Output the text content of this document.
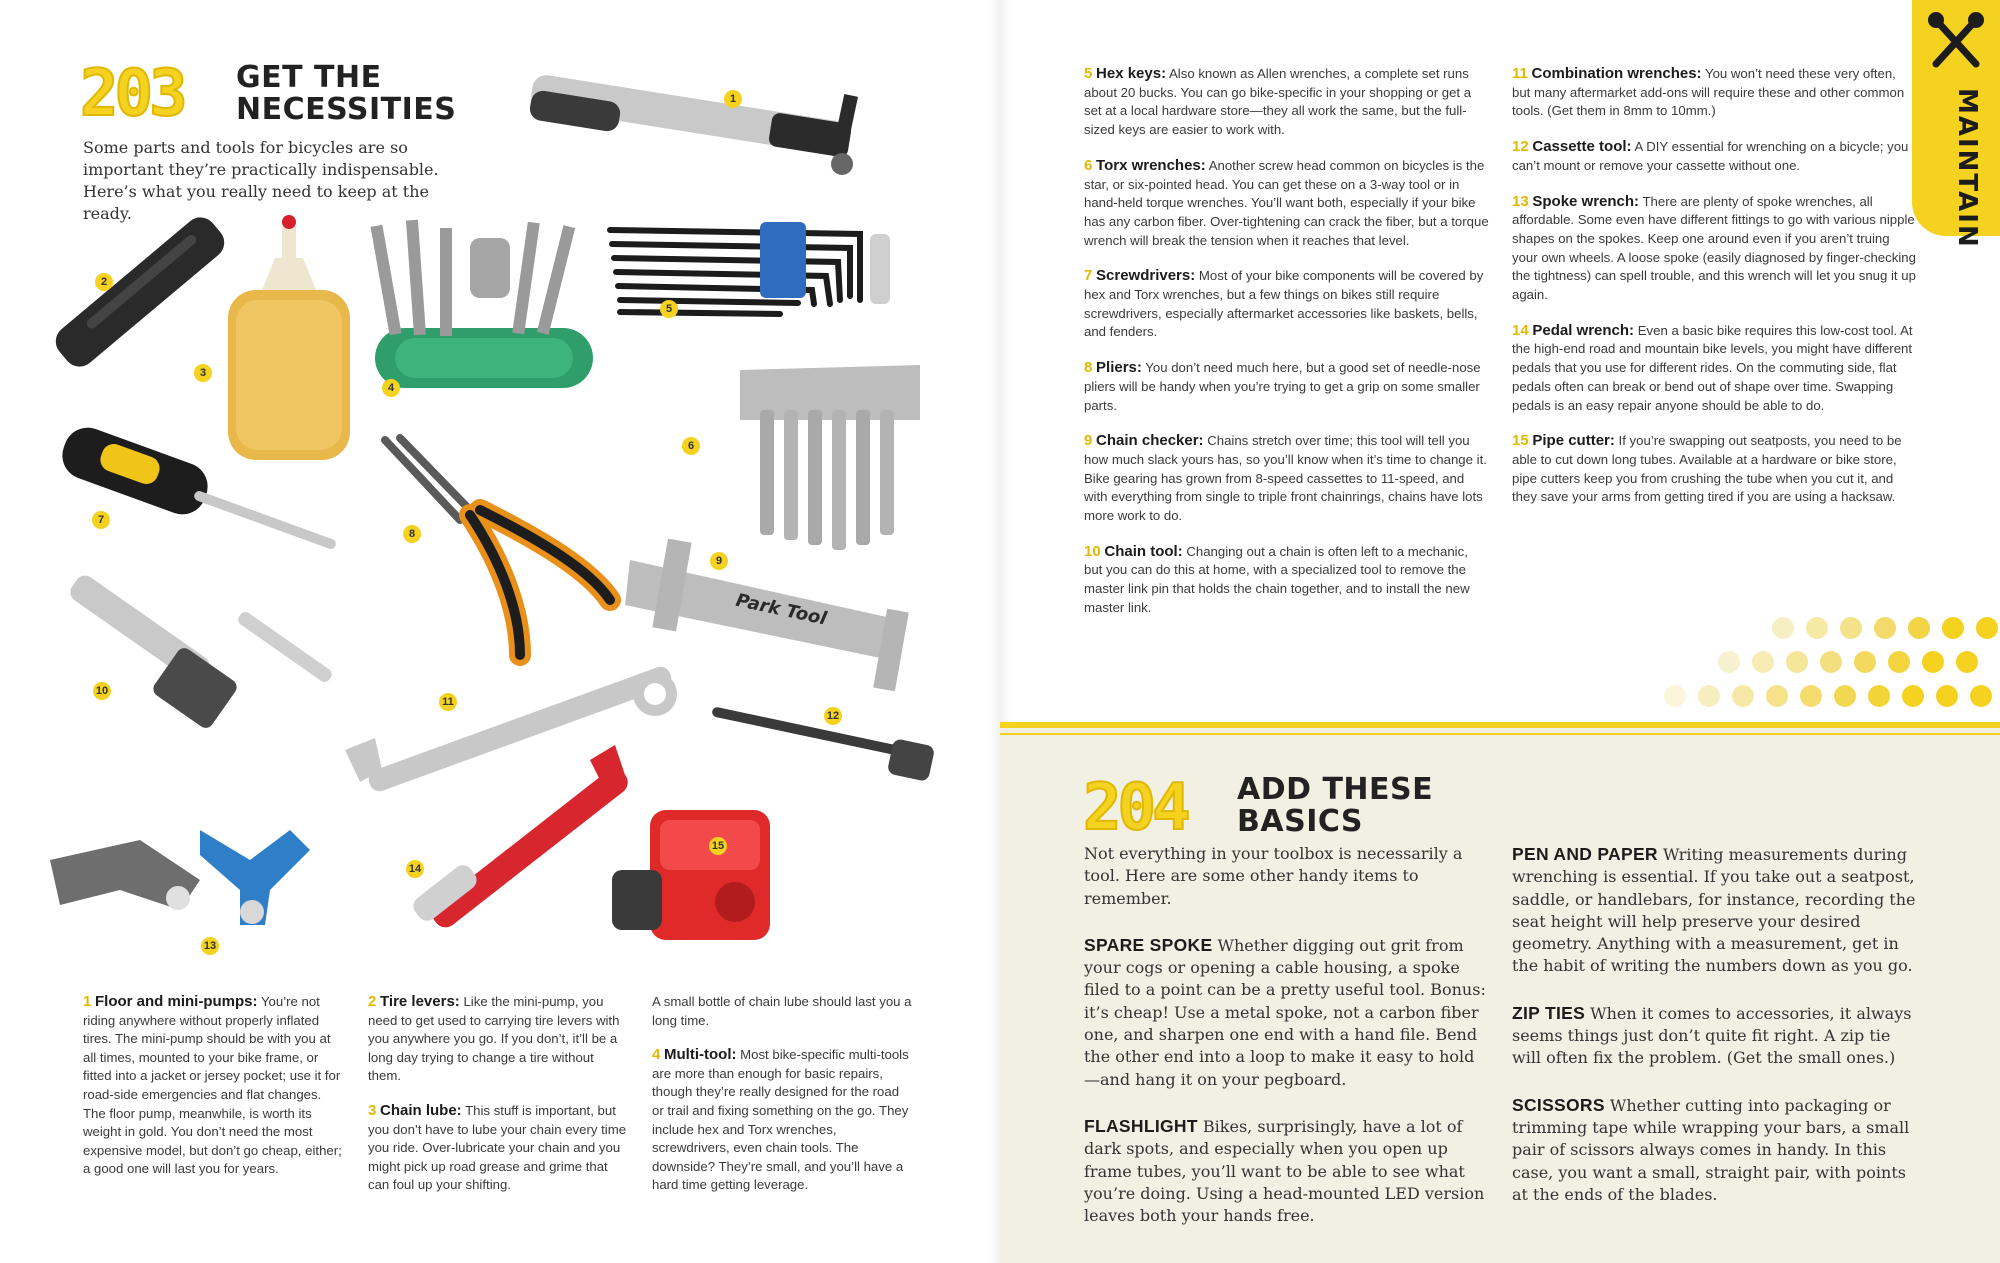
203 GET THE
NECESSITIES
Some parts and tools for bicycles are so important they’re practically indispensable. Here’s what you really need to keep at the ready.
Park Tool
1
2
3
4
5
6
7
8
9
10
11
12
13
14
15

1 Floor and mini-pumps: You’re not riding anywhere without properly inflated tires. The mini-pump should be with you at all times, mounted to your bike frame, or fitted into a jacket or jersey pocket; use it for road-side emergencies and flat changes. The floor pump, meanwhile, is worth its weight in gold. You don’t need the most expensive model, but don’t go cheap, either; a good one will last you for years.

2 Tire levers: Like the mini-pump, you need to get used to carrying tire levers with you anywhere you go. If you don’t, it’ll be a long day trying to change a tire without them.

3 Chain lube: This stuff is important, but you don’t have to lube your chain every time you ride. Over-lubricate your chain and you might pick up road grease and grime that can foul up your shifting.

A small bottle of chain lube should last you a long time.

4 Multi-tool: Most bike-specific multi-tools are more than enough for basic repairs, though they’re really designed for the road or trail and fixing something on the go. They include hex and Torx wrenches, screwdrivers, even chain tools. The downside? They’re small, and you’ll have a hard time getting leverage.

5 Hex keys: Also known as Allen wrenches, a complete set runs about 20 bucks. You can go bike-specific in your shopping or get a set at a local hardware store—they all work the same, but the full-sized keys are easier to work with.

6 Torx wrenches: Another screw head common on bicycles is the star, or six-pointed head. You can get these on a 3-way tool or in hand-held torque wrenches. You’ll want both, especially if your bike has any carbon fiber. Over-tightening can crack the fiber, but a torque wrench will break the tension when it reaches that level.

7 Screwdrivers: Most of your bike components will be covered by hex and Torx wrenches, but a few things on bikes still require screwdrivers, especially aftermarket accessories like baskets, bells, and fenders.

8 Pliers: You don’t need much here, but a good set of needle-nose pliers will be handy when you’re trying to get a grip on some smaller parts.

9 Chain checker: Chains stretch over time; this tool will tell you how much slack yours has, so you’ll know when it’s time to change it. Bike gearing has grown from 8-speed cassettes to 11-speed, and with everything from single to triple front chainrings, chains have lots more work to do.

10 Chain tool: Changing out a chain is often left to a mechanic, but you can do this at home, with a specialized tool to remove the master link pin that holds the chain together, and to install the new master link.

11 Combination wrenches: You won’t need these very often, but many aftermarket add-ons will require these and other common tools. (Get them in 8mm to 10mm.)

12 Cassette tool: A DIY essential for wrenching on a bicycle; you can’t mount or remove your cassette without one.

13 Spoke wrench: There are plenty of spoke wrenches, all affordable. Some even have different fittings to go with various nipple shapes on the spokes. Keep one around even if you aren’t truing your own wheels. A loose spoke (easily diagnosed by finger-checking the tightness) can spell trouble, and this wrench will let you snug it up again.

14 Pedal wrench: Even a basic bike requires this low-cost tool. At the high-end road and mountain bike levels, you might have different pedals that you use for different rides. On the commuting side, flat pedals often can break or bend out of shape over time. Swapping pedals is an easy repair anyone should be able to do.

15 Pipe cutter: If you’re swapping out seatposts, you need to be able to cut down long tubes. Available at a hardware or bike store, pipe cutters keep you from crushing the tube when you cut it, and they save your arms from getting tired if you are using a hacksaw.

MAINTAIN
204 ADD THESE
BASICS

Not everything in your toolbox is necessarily a tool. Here are some other handy items to remember.

SPARE SPOKE Whether digging out grit from your cogs or opening a cable housing, a spoke filed to a point can be a pretty useful tool. Bonus: it’s cheap! Use a metal spoke, not a carbon fiber one, and sharpen one end with a hand file. Bend the other end into a loop to make it easy to hold—and hang it on your pegboard.

FLASHLIGHT Bikes, surprisingly, have a lot of dark spots, and especially when you open up frame tubes, you’ll want to be able to see what you’re doing. Using a head-mounted LED version leaves both your hands free.

PEN AND PAPER Writing measurements during wrenching is essential. If you take out a seatpost, saddle, or handlebars, for instance, recording the seat height will help preserve your desired geometry. Anything with a measurement, get in the habit of writing the numbers down as you go.

ZIP TIES When it comes to accessories, it always seems things just don’t quite fit right. A zip tie will often fix the problem. (Get the small ones.)

SCISSORS Whether cutting into packaging or trimming tape while wrapping your bars, a small pair of scissors always comes in handy. In this case, you want a small, straight pair, with points at the ends of the blades.
